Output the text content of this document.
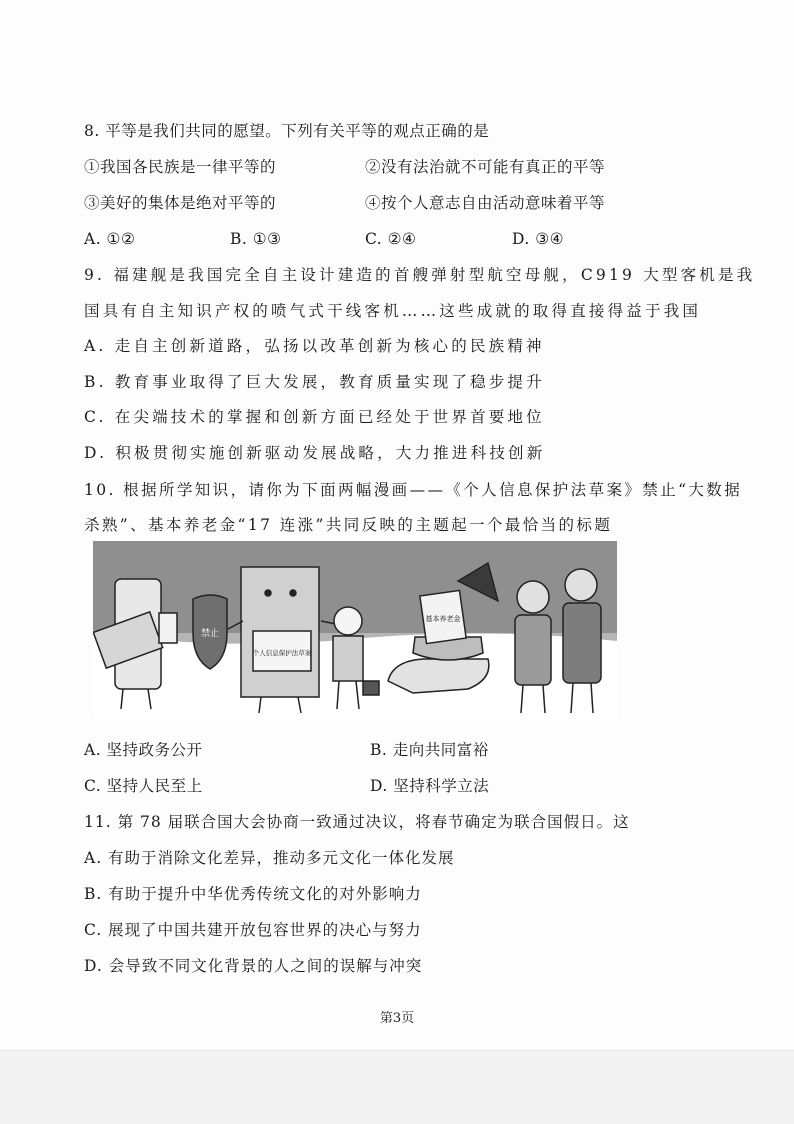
8. 平等是我们共同的愿望。下列有关平等的观点正确的是
①我国各民族是一律平等的	②没有法治就不可能有真正的平等
③美好的集体是绝对平等的	④按个人意志自由活动意味着平等
A. ①②	B. ①③	C. ②④	D. ③④
9. 福建舰是我国完全自主设计建造的首艘弹射型航空母舰，C919 大型客机是我
国具有自主知识产权的喷气式干线客机……这些成就的取得直接得益于我国
A. 走自主创新道路，弘扬以改革创新为核心的民族精神
B. 教育事业取得了巨大发展，教育质量实现了稳步提升
C. 在尖端技术的掌握和创新方面已经处于世界首要地位
D. 积极贯彻实施创新驱动发展战略，大力推进科技创新
10. 根据所学知识，请你为下面两幅漫画——《个人信息保护法草案》禁止“大数据
杀熟”、基本养老金“17 连涨”共同反映的主题起一个最恰当的标题
禁止
个人信息保护法草案
基本养老金
A. 坚持政务公开	B. 走向共同富裕
C. 坚持人民至上	D. 坚持科学立法
11. 第 78 届联合国大会协商一致通过决议，将春节确定为联合国假日。这
A. 有助于消除文化差异，推动多元文化一体化发展
B. 有助于提升中华优秀传统文化的对外影响力
C. 展现了中国共建开放包容世界的决心与努力
D. 会导致不同文化背景的人之间的误解与冲突
第3页
